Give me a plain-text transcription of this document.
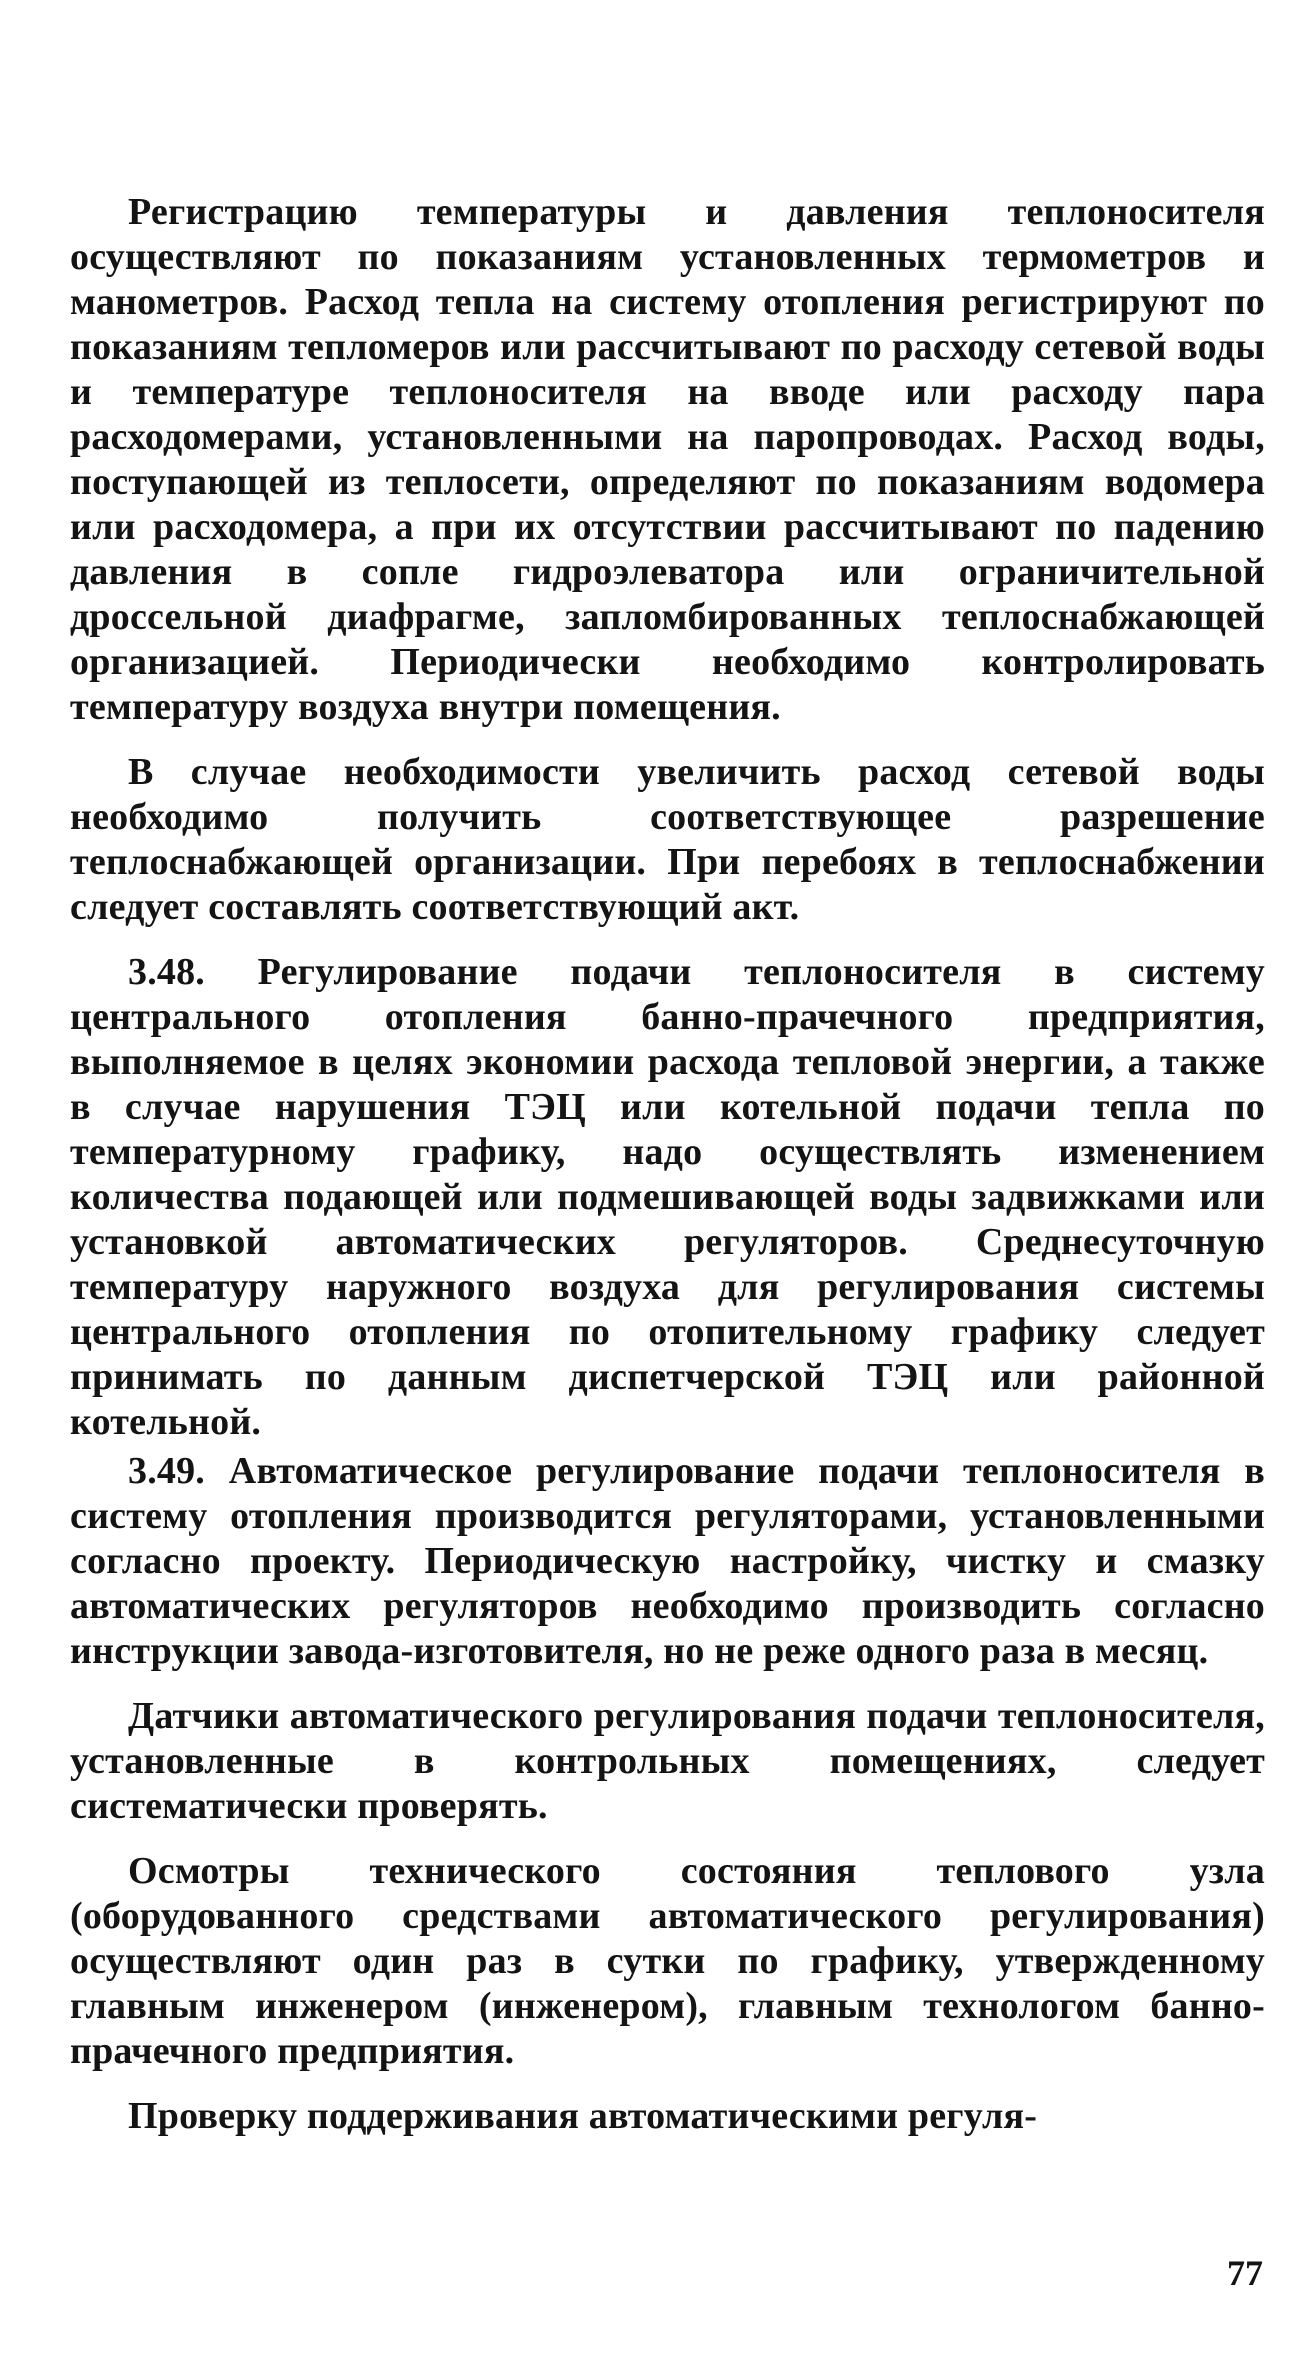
Регистрацию температуры и давления теплоносителя осуществляют по показаниям установленных термометров и манометров. Расход тепла на систему отопления регистрируют по показаниям тепломеров или рассчитывают по расходу сетевой воды и температуре теплоносителя на вводе или расходу пара расходомерами, установленными на паропроводах. Расход воды, поступающей из теплосети, определяют по показаниям водомера или расходомера, а при их отсутствии рассчитывают по падению давления в сопле гидроэлеватора или ограничительной дроссельной диафрагме, запломбированных теплоснабжающей организацией. Периодически необходимо контролировать температуру воздуха внутри помещения.

В случае необходимости увеличить расход сетевой воды необходимо получить соответствующее разрешение теплоснабжающей организации. При перебоях в теплоснабжении следует составлять соответствующий акт.

3.48. Регулирование подачи теплоносителя в систему центрального отопления банно-прачечного предприятия, выполняемое в целях экономии расхода тепловой энергии, а также в случае нарушения ТЭЦ или котельной подачи тепла по температурному графику, надо осуществлять изменением количества подающей или подмешивающей воды задвижками или установкой автоматических регуляторов. Среднесуточную температуру наружного воздуха для регулирования системы центрального отопления по отопительному графику следует принимать по данным диспетчерской ТЭЦ или районной котельной.

3.49. Автоматическое регулирование подачи теплоносителя в систему отопления производится регуляторами, установленными согласно проекту. Периодическую настройку, чистку и смазку автоматических регуляторов необходимо производить согласно инструкции завода-изготовителя, но не реже одного раза в месяц.

Датчики автоматического регулирования подачи теплоносителя, установленные в контрольных помещениях, следует систематически проверять.

Осмотры технического состояния теплового узла (оборудованного средствами автоматического регулирования) осуществляют один раз в сутки по графику, утвержденному главным инженером (инженером), главным технологом банно-прачечного предприятия.

Проверку поддерживания автоматическими регуля-

77
